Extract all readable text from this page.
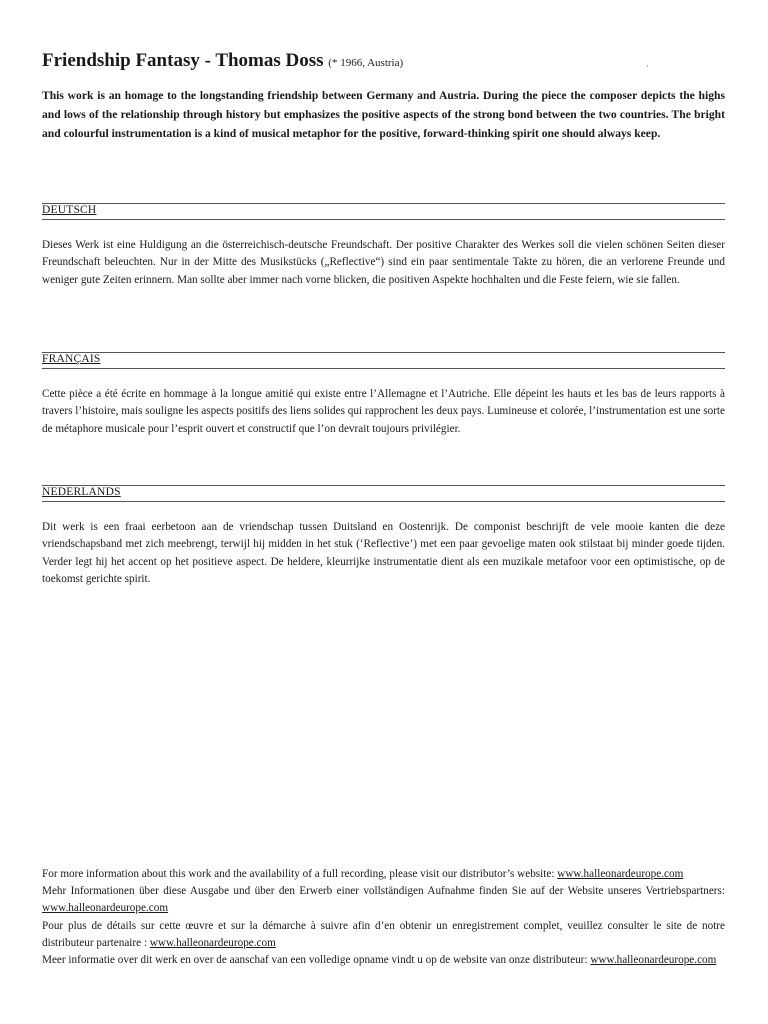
Friendship Fantasy - Thomas Doss (* 1966, Austria)	·
This work is an homage to the longstanding friendship between Germany and Austria. During the piece the composer depicts the highs and lows of the relationship through history but emphasizes the positive aspects of the strong bond between the two countries. The bright and colourful instrumentation is a kind of musical metaphor for the positive, forward-thinking spirit one should always keep.
DEUTSCH
Dieses Werk ist eine Huldigung an die österreichisch-deutsche Freundschaft. Der positive Charakter des Werkes soll die vielen schönen Seiten dieser Freundschaft beleuchten. Nur in der Mitte des Musikstücks („Reflective“) sind ein paar sentimentale Takte zu hören, die an verlorene Freunde und weniger gute Zeiten erinnern. Man sollte aber immer nach vorne blicken, die positiven Aspekte hochhalten und die Feste feiern, wie sie fallen.
FRANÇAIS
Cette pièce a été écrite en hommage à la longue amitié qui existe entre l’Allemagne et l’Autriche. Elle dépeint les hauts et les bas de leurs rapports à travers l’histoire, mais souligne les aspects positifs des liens solides qui rapprochent les deux pays. Lumineuse et colorée, l’instrumentation est une sorte de métaphore musicale pour l’esprit ouvert et constructif que l’on devrait toujours privilégier.
NEDERLANDS
Dit werk is een fraai eerbetoon aan de vriendschap tussen Duitsland en Oostenrijk. De componist beschrijft de vele mooie kanten die deze vriendschapsband met zich meebrengt, terwijl hij midden in het stuk (‘Reflective’) met een paar gevoelige maten ook stilstaat bij minder goede tijden. Verder legt hij het accent op het positieve aspect. De heldere, kleurrijke instrumentatie dient als een muzikale metafoor voor een optimistische, op de toekomst gerichte spirit.

For more information about this work and the availability of a full recording, please visit our distributor’s website: www.halleonardeurope.com

Mehr Informationen über diese Ausgabe und über den Erwerb einer vollständigen Aufnahme finden Sie auf der Website unseres Vertriebspartners: www.halleonardeurope.com

Pour plus de détails sur cette œuvre et sur la démarche à suivre afin d’en obtenir un enregistrement complet, veuillez consulter le site de notre distributeur partenaire : www.halleonardeurope.com

Meer informatie over dit werk en over de aanschaf van een volledige opname vindt u op de website van onze distributeur: www.halleonardeurope.com
